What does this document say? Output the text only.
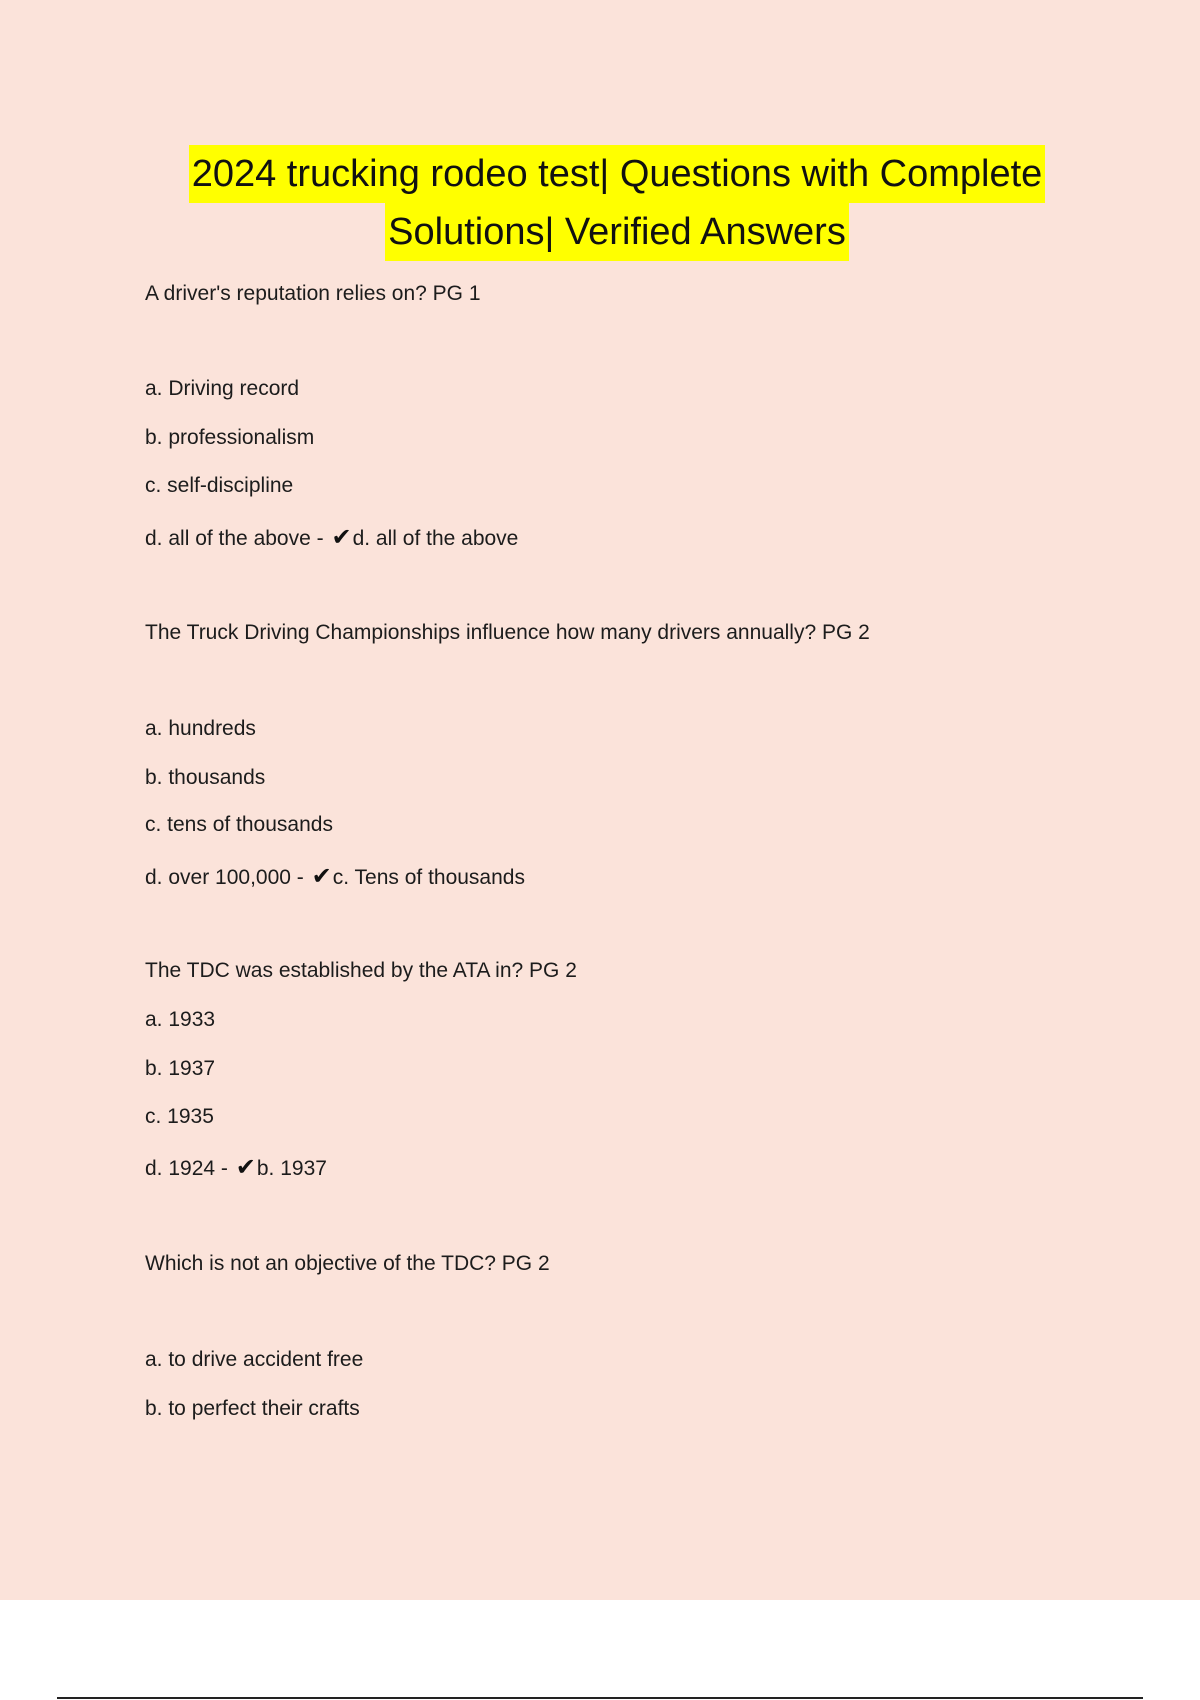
2024 trucking rodeo test| Questions with Complete
Solutions| Verified Answers
A driver's reputation relies on? PG 1
a. Driving record
b. professionalism
c. self-discipline
d. all of the above - ✔d. all of the above
The Truck Driving Championships influence how many drivers annually? PG 2
a. hundreds
b. thousands
c. tens of thousands
d. over 100,000 - ✔c. Tens of thousands
The TDC was established by the ATA in? PG 2
a. 1933
b. 1937
c. 1935
d. 1924 - ✔b. 1937
Which is not an objective of the TDC? PG 2
a. to drive accident free
b. to perfect their crafts
